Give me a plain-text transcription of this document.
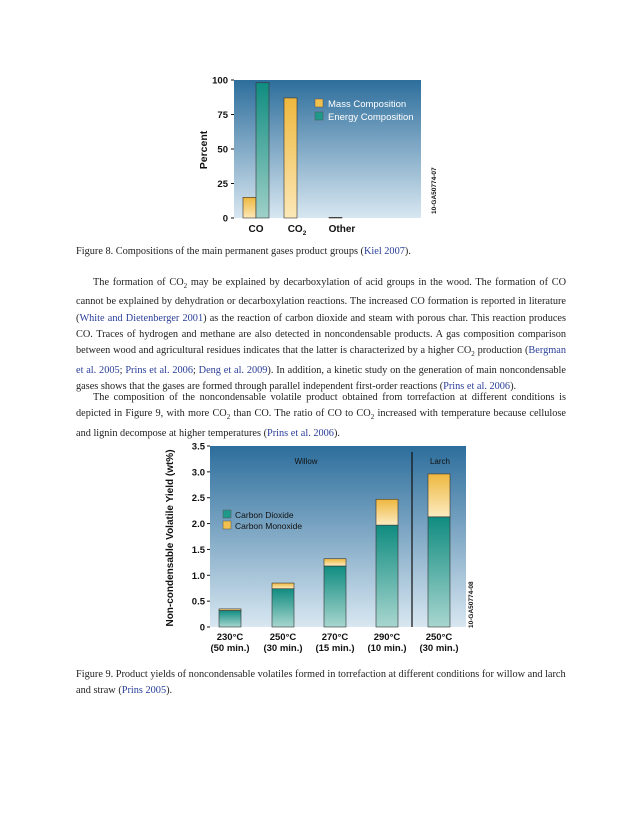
0
25
50
75
100
CO $CO_2$ Other
Percent
Mass Composition
Energy Composition
10-GA50774-07
Figure 8. Compositions of the main permanent gases product groups (Kiel 2007).

The formation of $CO_2$ may be explained by decarboxylation of acid groups in the wood. The formation of CO cannot be explained by dehydration or decarboxylation reactions. The increased CO formation is reported in literature (White and Dietenberger 2001) as the reaction of carbon dioxide and steam with porous char. This reaction produces CO. Traces of hydrogen and methane are also detected in noncondensable products. A gas composition comparison between wood and agricultural residues indicates that the latter is characterized by a higher $CO_2$ production (Bergman et al. 2005; Prins et al. 2006; Deng et al. 2009). In addition, a kinetic study on the generation of main noncondensable gases shows that the gases are formed through parallel independent first-order reactions (Prins et al. 2006).

The composition of the noncondensable volatile product obtained from torrefaction at different conditions is depicted in Figure 9, with more $CO_2$ than CO. The ratio of CO to $CO_2$ increased with temperature because cellulose and lignin decompose at higher temperatures (Prins et al. 2006).

0
0.5
1.0
1.5
2.0
2.5
3.0
3.5
230°C
(50 min.)
250°C
(30 min.)
270°C
(15 min.)
290°C
(10 min.)
250°C
(30 min.)
Willow	Larch
Non-condensable Volatile Yield (wt%)	Carbon Dioxide
Carbon Monoxide
10-GA50774-08
Figure 9. Product yields of noncondensable volatiles formed in torrefaction at different conditions for willow and larch and straw (Prins 2005).
